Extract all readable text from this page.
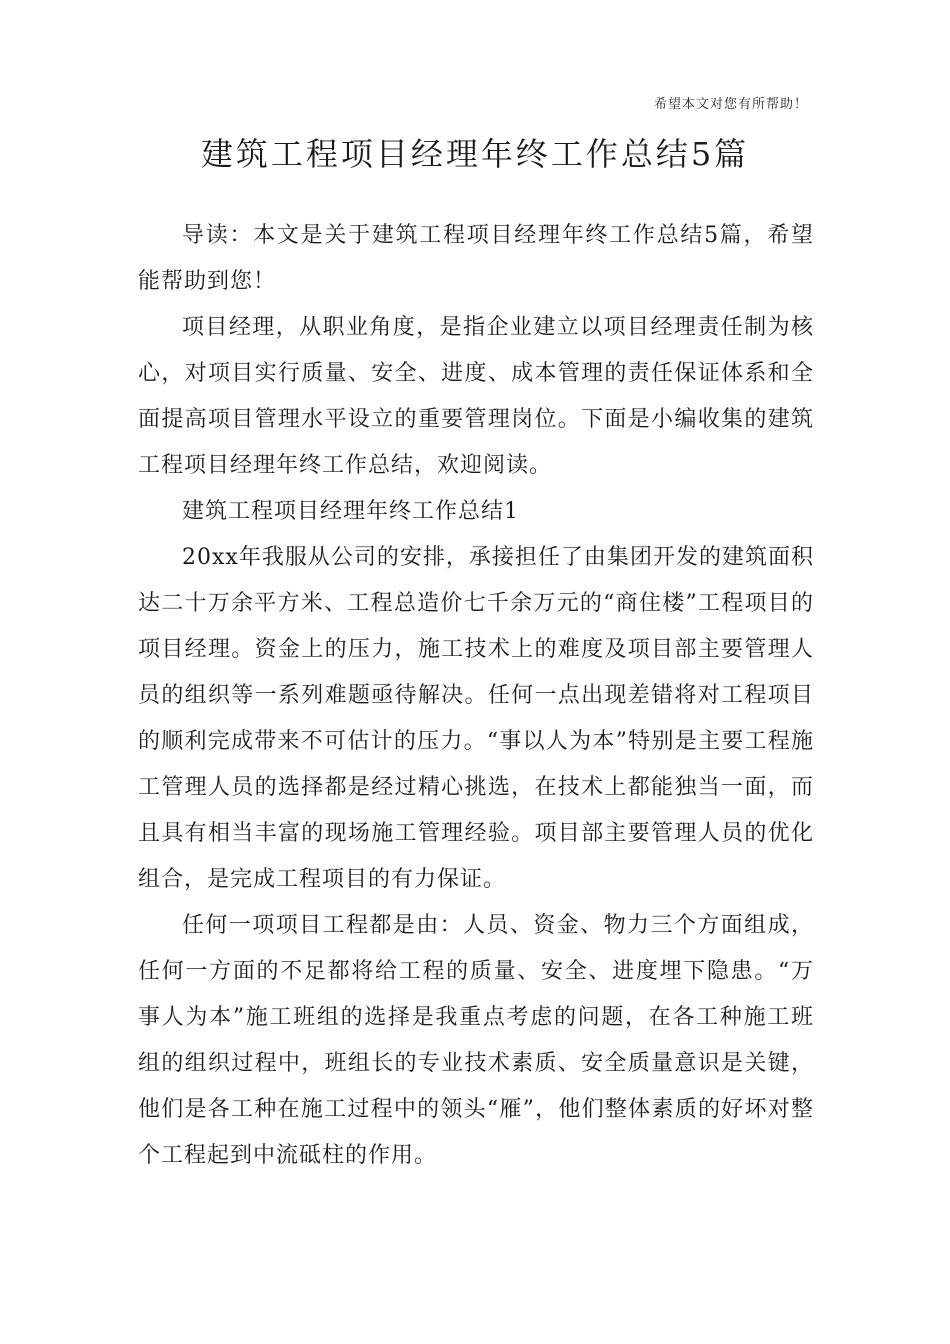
希望本文对您有所帮助！
建筑工程项目经理年终工作总结5篇

导读：本文是关于建筑工程项目经理年终工作总结5篇，希望能帮助到您！

项目经理，从职业角度，是指企业建立以项目经理责任制为核心，对项目实行质量、安全、进度、成本管理的责任保证体系和全面提高项目管理水平设立的重要管理岗位。下面是小编收集的建筑工程项目经理年终工作总结，欢迎阅读。

建筑工程项目经理年终工作总结1

20xx年我服从公司的安排，承接担任了由集团开发的建筑面积达二十万余平方米、工程总造价七千余万元的“商住楼”工程项目的项目经理。资金上的压力，施工技术上的难度及项目部主要管理人员的组织等一系列难题亟待解决。任何一点出现差错将对工程项目的顺利完成带来不可估计的压力。“事以人为本”特别是主要工程施工管理人员的选择都是经过精心挑选，在技术上都能独当一面，而且具有相当丰富的现场施工管理经验。项目部主要管理人员的优化组合，是完成工程项目的有力保证。

任何一项项目工程都是由：人员、资金、物力三个方面组成，任何一方面的不足都将给工程的质量、安全、进度埋下隐患。“万事人为本”施工班组的选择是我重点考虑的问题，在各工种施工班组的组织过程中，班组长的专业技术素质、安全质量意识是关键，他们是各工种在施工过程中的领头“雁”，他们整体素质的好坏对整个工程起到中流砥柱的作用。
